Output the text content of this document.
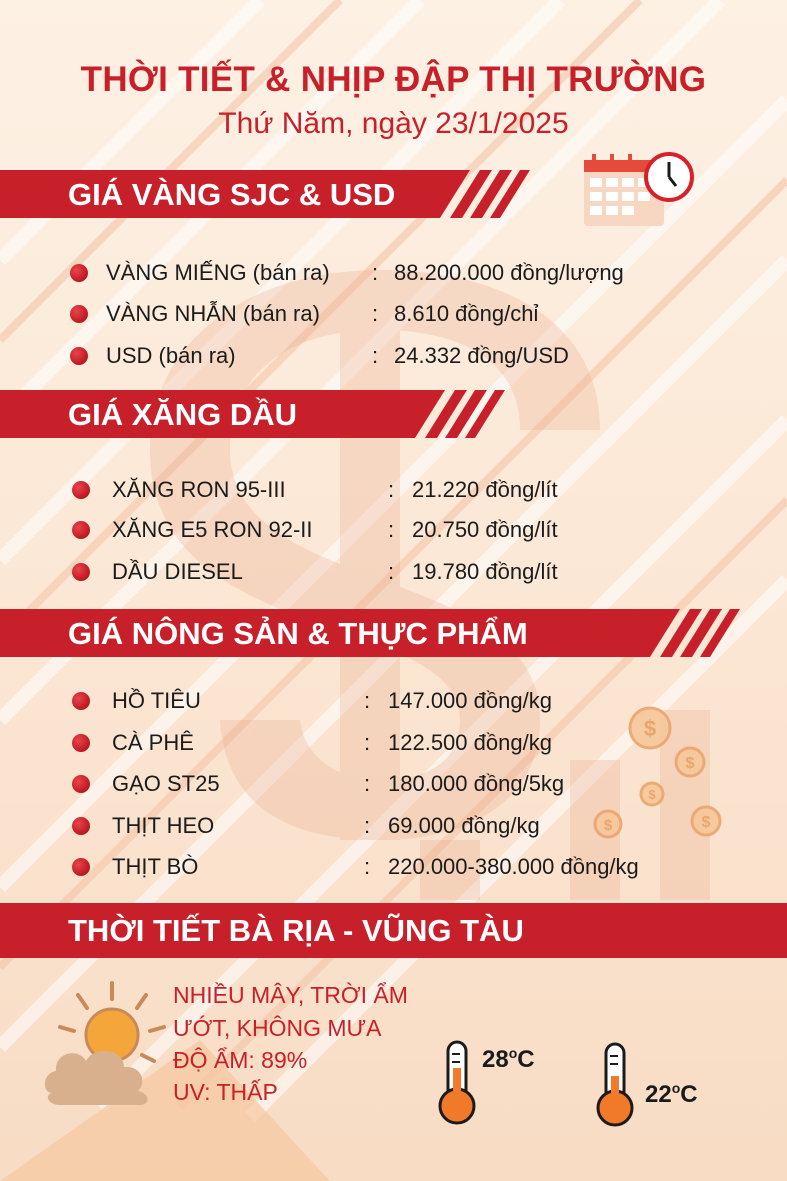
THỜI TIẾT & NHỊP ĐẬP THỊ TRƯỜNG
Thứ Năm, ngày 23/1/2025
GIÁ VÀNG SJC & USD
VÀNG MIẾNG (bán ra) : 88.200.000 đồng/lượng
VÀNG NHẪN (bán ra) : 8.610 đồng/chỉ
USD (bán ra)	: 24.332 đồng/USD
GIÁ XĂNG DẦU
XĂNG RON 95-III	: 21.220 đồng/lít
XĂNG E5 RON 92-II	: 20.750 đồng/lít
DẦU DIESEL	: 19.780 đồng/lít
GIÁ NÔNG SẢN & THỰC PHẨM
$
$
$
$
$
HỒ TIÊU	: 147.000 đồng/kg
CÀ PHÊ	: 122.500 đồng/kg
GẠO ST25	: 180.000 đồng/5kg
THỊT HEO	: 69.000 đồng/kg
THỊT BÒ	: 220.000-380.000 đồng/kg
THỜI TIẾT BÀ RỊA - VŨNG TÀU
NHIỀU MÂY, TRỜI ẨM
ƯỚT, KHÔNG MƯA
ĐỘ ẨM: 89%
UV: THẤP
28$^o$C
22$^o$C
